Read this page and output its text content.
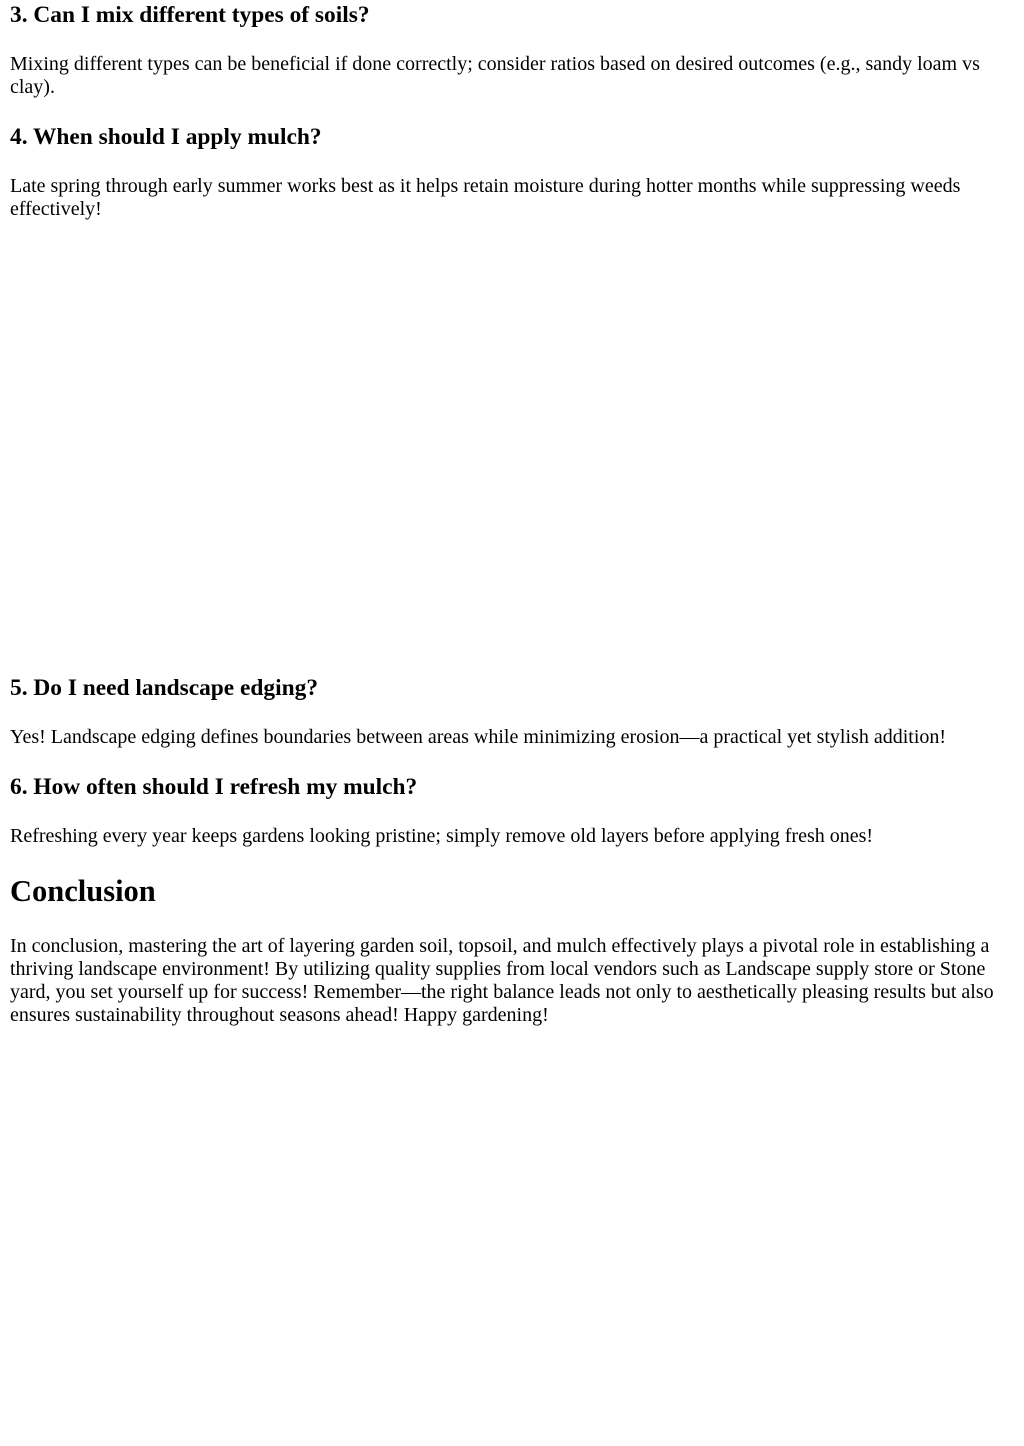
3. Can I mix different types of soils?

Mixing different types can be beneficial if done correctly; consider ratios based on desired outcomes (e.g., sandy loam vs clay).

4. When should I apply mulch?

Late spring through early summer works best as it helps retain moisture during hotter months while suppressing weeds effectively!

5. Do I need landscape edging?

Yes! Landscape edging defines boundaries between areas while minimizing erosion—a practical yet stylish addition!

6. How often should I refresh my mulch?

Refreshing every year keeps gardens looking pristine; simply remove old layers before applying fresh ones!

Conclusion

In conclusion, mastering the art of layering garden soil, topsoil, and mulch effectively plays a pivotal role in establishing a thriving landscape environment! By utilizing quality supplies from local vendors such as Landscape supply store or Stone yard, you set yourself up for success! Remember—the right balance leads not only to aesthetically pleasing results but also ensures sustainability throughout seasons ahead! Happy gardening!
